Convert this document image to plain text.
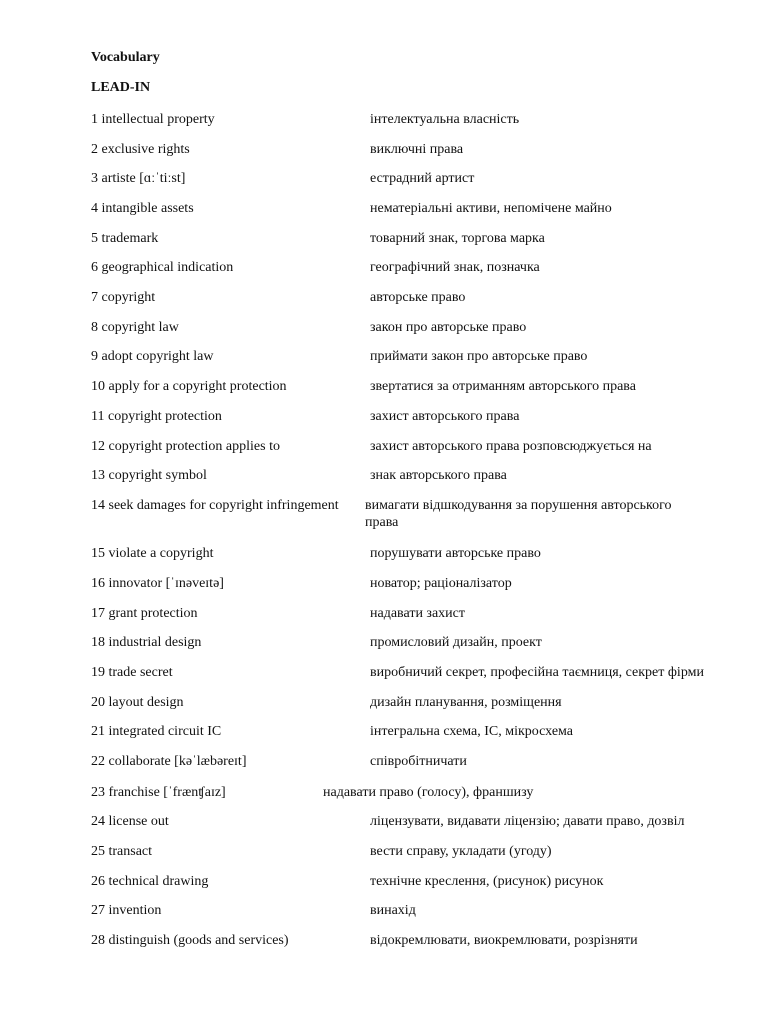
Vocabulary
LEAD-IN
1 intellectual property	інтелектуальна власність
2 exclusive rights	виключні права
3 artiste [ɑːˈtiːst]	естрадний артист
4 intangible assets	нематеріальні активи, непомічене майно
5 trademark	товарний знак, торгова марка
6 geographical indication	географічний знак, позначка
7 copyright	авторське право
8 copyright law	закон про авторське право
9 adopt copyright law	приймати закон про авторське право
10 apply for a copyright protection	звертатися за отриманням авторського права
11 copyright protection	захист авторського права
12 copyright protection applies to	захист авторського права розповсюджується на
13 copyright symbol	знак авторського права
14 seek damages for copyright infringement вимагати відшкодування за порушення авторського права
15 violate a copyright	порушувати авторське право
16 innovator [ˈɪnəveɪtə]	новатор; раціоналізатор
17 grant protection	надавати захист
18 industrial design	промисловий дизайн, проект
19 trade secret	виробничий секрет, професійна таємниця, секрет фірми
20 layout design	дизайн планування, розміщення
21 integrated circuit IC	інтегральна схема, IC, мікросхема
22 collaborate [kəˈlæbəreɪt]	співробітничати
23 franchise [ˈfrænʧaɪz]	надавати право (голосу), франшизу
24 license out	ліцензувати, видавати ліцензію; давати право, дозвіл
25 transact	вести справу, укладати (угоду)
26 technical drawing	технічне креслення, (рисунок) рисунок
27 invention	винахід
28 distinguish (goods and services)	відокремлювати, виокремлювати, розрізняти
